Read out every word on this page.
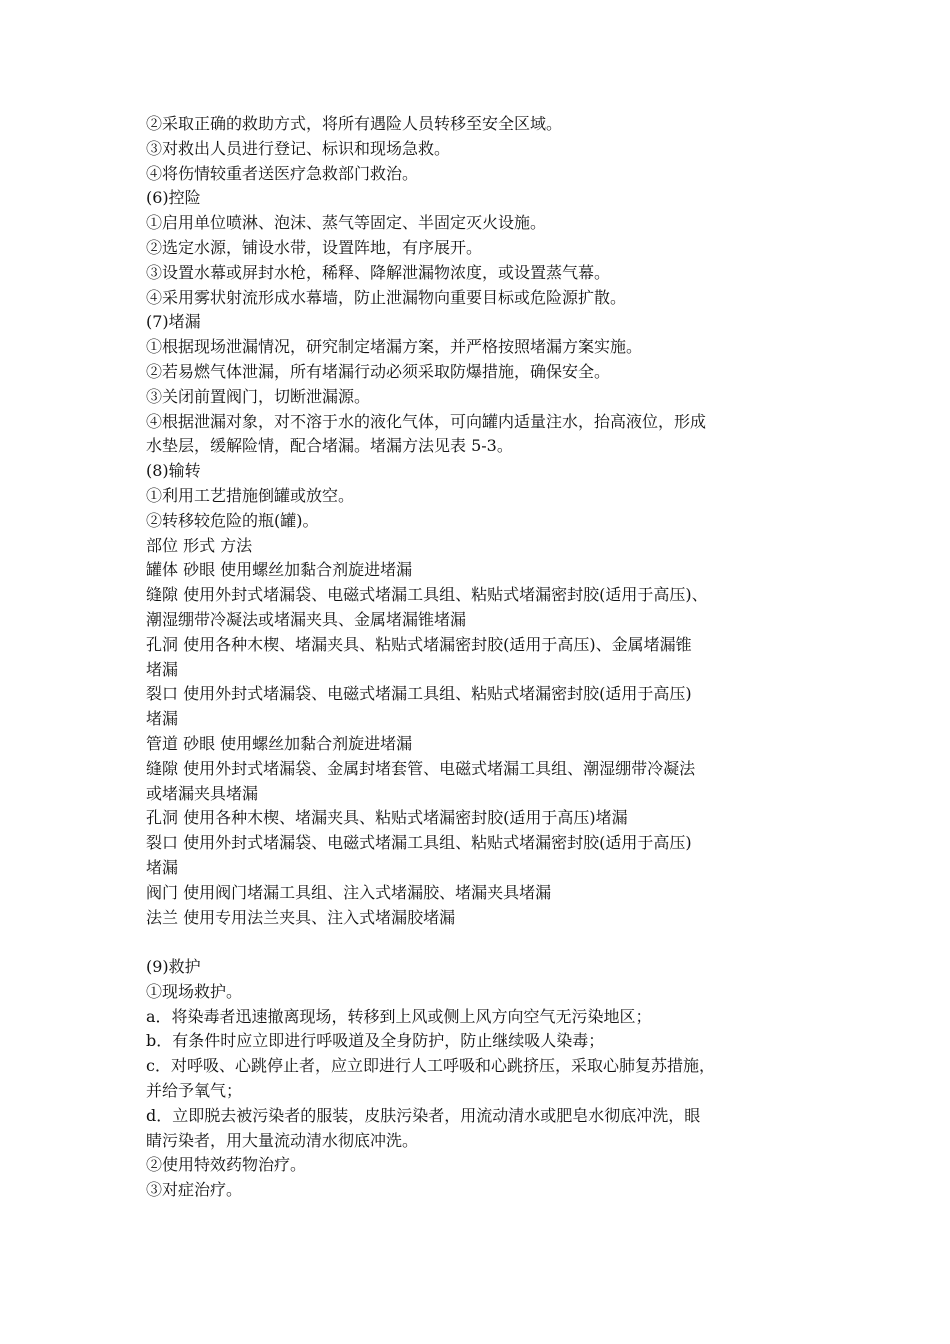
②采取正确的救助方式，将所有遇险人员转移至安全区域。

③对救出人员进行登记、标识和现场急救。

④将伤情较重者送医疗急救部门救治。

(6)控险

①启用单位喷淋、泡沫、蒸气等固定、半固定灭火设施。

②选定水源，铺设水带，设置阵地，有序展开。

③设置水幕或屏封水枪，稀释、降解泄漏物浓度，或设置蒸气幕。

④采用雾状射流形成水幕墙，防止泄漏物向重要目标或危险源扩散。

(7)堵漏

①根据现场泄漏情况，研究制定堵漏方案，并严格按照堵漏方案实施。

②若易燃气体泄漏，所有堵漏行动必须采取防爆措施，确保安全。

③关闭前置阀门，切断泄漏源。

④根据泄漏对象，对不溶于水的液化气体，可向罐内适量注水，抬高液位，形成

水垫层，缓解险情，配合堵漏。堵漏方法见表 5-3。

(8)输转

①利用工艺措施倒罐或放空。

②转移较危险的瓶(罐)。

部位 形式 方法

罐体 砂眼 使用螺丝加黏合剂旋进堵漏

缝隙 使用外封式堵漏袋、电磁式堵漏工具组、粘贴式堵漏密封胶(适用于高压)、

潮湿绷带冷凝法或堵漏夹具、金属堵漏锥堵漏

孔洞 使用各种木楔、堵漏夹具、粘贴式堵漏密封胶(适用于高压)、金属堵漏锥

堵漏

裂口 使用外封式堵漏袋、电磁式堵漏工具组、粘贴式堵漏密封胶(适用于高压)

堵漏

管道 砂眼 使用螺丝加黏合剂旋进堵漏

缝隙 使用外封式堵漏袋、金属封堵套管、电磁式堵漏工具组、潮湿绷带冷凝法

或堵漏夹具堵漏

孔洞 使用各种木楔、堵漏夹具、粘贴式堵漏密封胶(适用于高压)堵漏

裂口 使用外封式堵漏袋、电磁式堵漏工具组、粘贴式堵漏密封胶(适用于高压)

堵漏

阀门 使用阀门堵漏工具组、注入式堵漏胶、堵漏夹具堵漏

法兰 使用专用法兰夹具、注入式堵漏胶堵漏

(9)救护

①现场救护。

a．将染毒者迅速撤离现场，转移到上风或侧上风方向空气无污染地区；

b．有条件时应立即进行呼吸道及全身防护，防止继续吸人染毒；

c．对呼吸、心跳停止者，应立即进行人工呼吸和心跳挤压，采取心肺复苏措施，

并给予氧气；

d．立即脱去被污染者的服装，皮肤污染者，用流动清水或肥皂水彻底冲洗，眼

睛污染者，用大量流动清水彻底冲洗。

②使用特效药物治疗。

③对症治疗。
